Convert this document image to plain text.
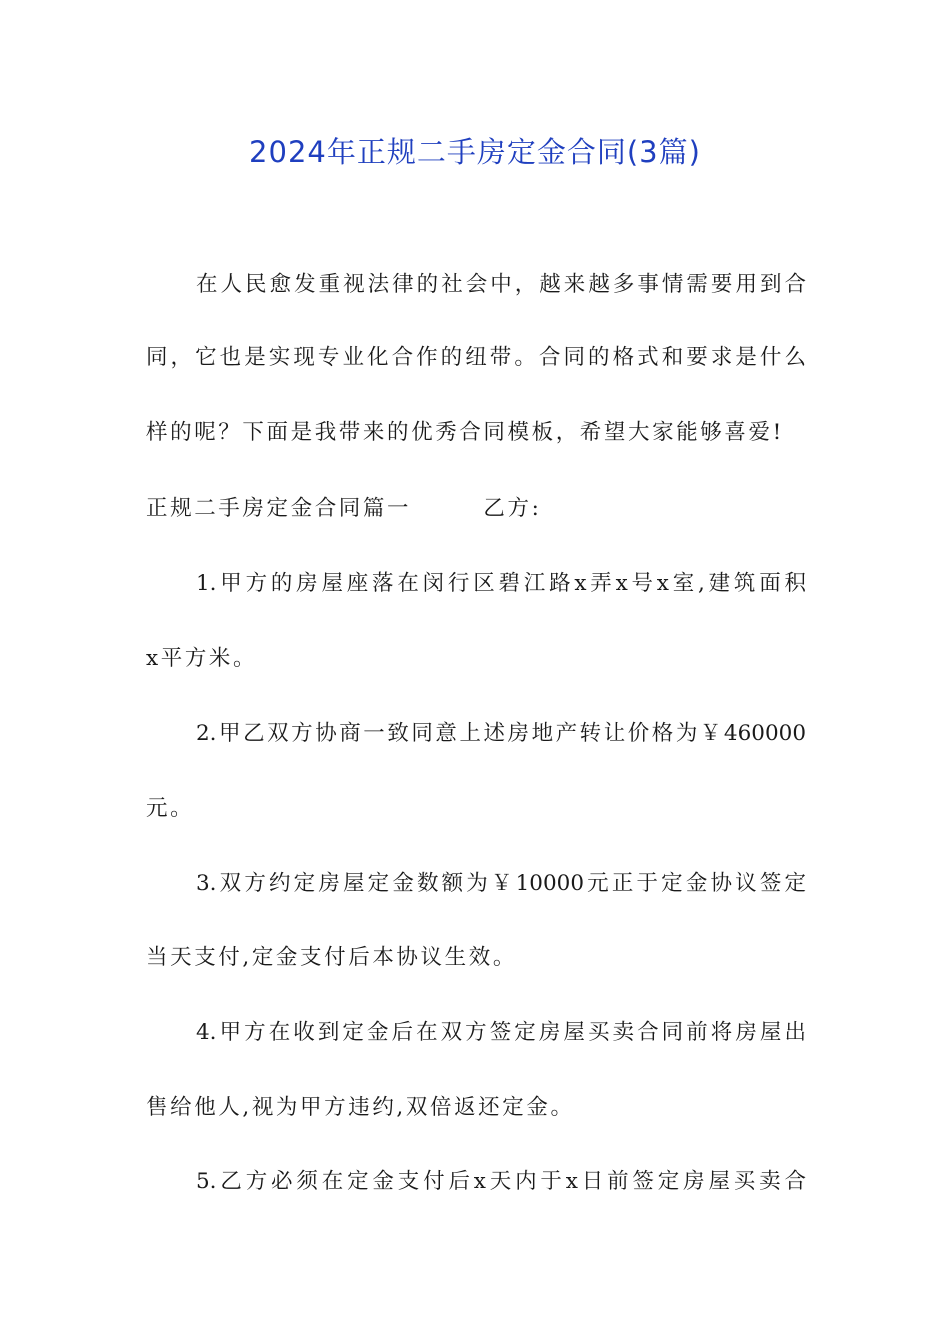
2024年正规二手房定金合同(3篇)
在人民愈发重视法律的社会中，越来越多事情需要用到合
同，它也是实现专业化合作的纽带。合同的格式和要求是什么
样的呢？下面是我带来的优秀合同模板，希望大家能够喜爱!
正规二手房定金合同篇一　　　乙方:
1.甲方的房屋座落在闵行区碧江路x弄x号x室,建筑面积
x平方米。
2.甲乙双方协商一致同意上述房地产转让价格为￥460000
元。
3.双方约定房屋定金数额为￥10000元正于定金协议签定
当天支付,定金支付后本协议生效。
4.甲方在收到定金后在双方签定房屋买卖合同前将房屋出
售给他人,视为甲方违约,双倍返还定金。
5.乙方必须在定金支付后x天内于x日前签定房屋买卖合
